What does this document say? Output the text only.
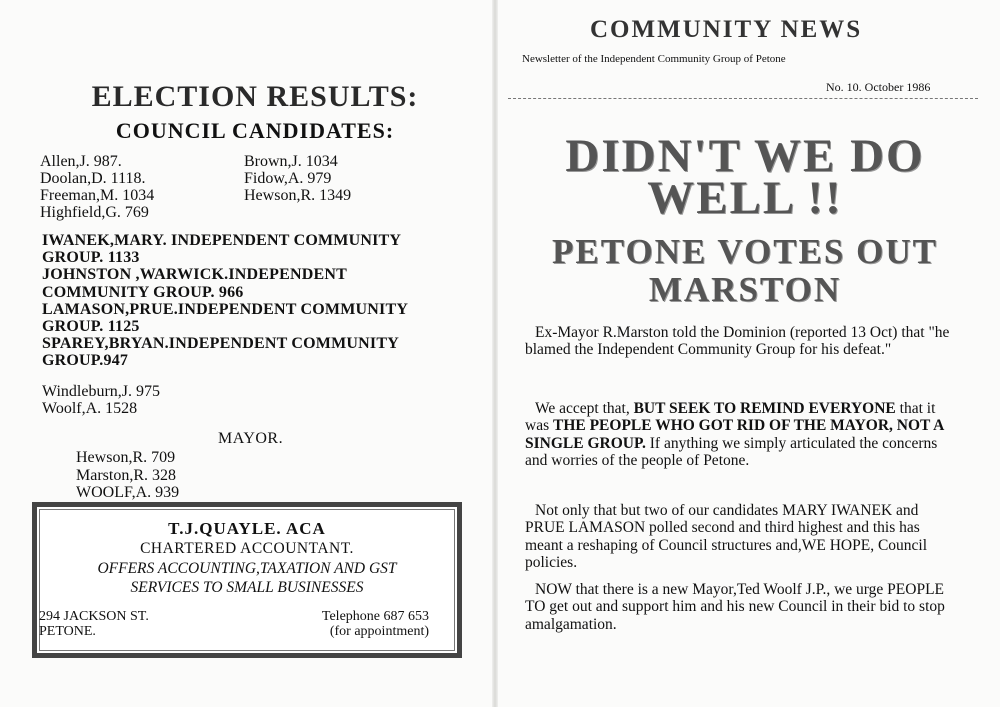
ELECTION RESULTS:
COUNCIL CANDIDATES:
Allen,J. 987.
Doolan,D. 1118.
Freeman,M. 1034
Highfield,G. 769
Brown,J. 1034
Fidow,A. 979
Hewson,R. 1349
IWANEK,MARY. INDEPENDENT COMMUNITY
GROUP. 1133
JOHNSTON ,WARWICK.INDEPENDENT
COMMUNITY GROUP. 966
LAMASON,PRUE.INDEPENDENT COMMUNITY
GROUP. 1125
SPAREY,BRYAN.INDEPENDENT COMMUNITY
GROUP.947
Windleburn,J. 975
Woolf,A. 1528
MAYOR.
Hewson,R. 709
Marston,R. 328
WOOLF,A. 939
T.J.QUAYLE. ACA
CHARTERED ACCOUNTANT.
OFFERS ACCOUNTING,TAXATION AND GST
SERVICES TO SMALL BUSINESSES
294 JACKSON ST.
PETONE.
Telephone 687 653
(for appointment)
COMMUNITY NEWS
Newsletter of the Independent Community Group of Petone
No. 10. October 1986
DIDN'T WE DO
WELL !!
PETONE VOTES OUT
MARSTON

Ex-Mayor R.Marston told the Dominion (reported 13 Oct) that "he blamed the Independent Community Group for his defeat."

We accept that, BUT SEEK TO REMIND EVERYONE that it was THE PEOPLE WHO GOT RID OF THE MAYOR, NOT A SINGLE GROUP. If anything we simply articulated the concerns and worries of the people of Petone.

Not only that but two of our candidates MARY IWANEK and PRUE LAMASON polled second and third highest and this has meant a reshaping of Council structures and,WE HOPE, Council policies.

NOW that there is a new Mayor,Ted Woolf J.P., we urge PEOPLE TO get out and support him and his new Council in their bid to stop amalgamation.
